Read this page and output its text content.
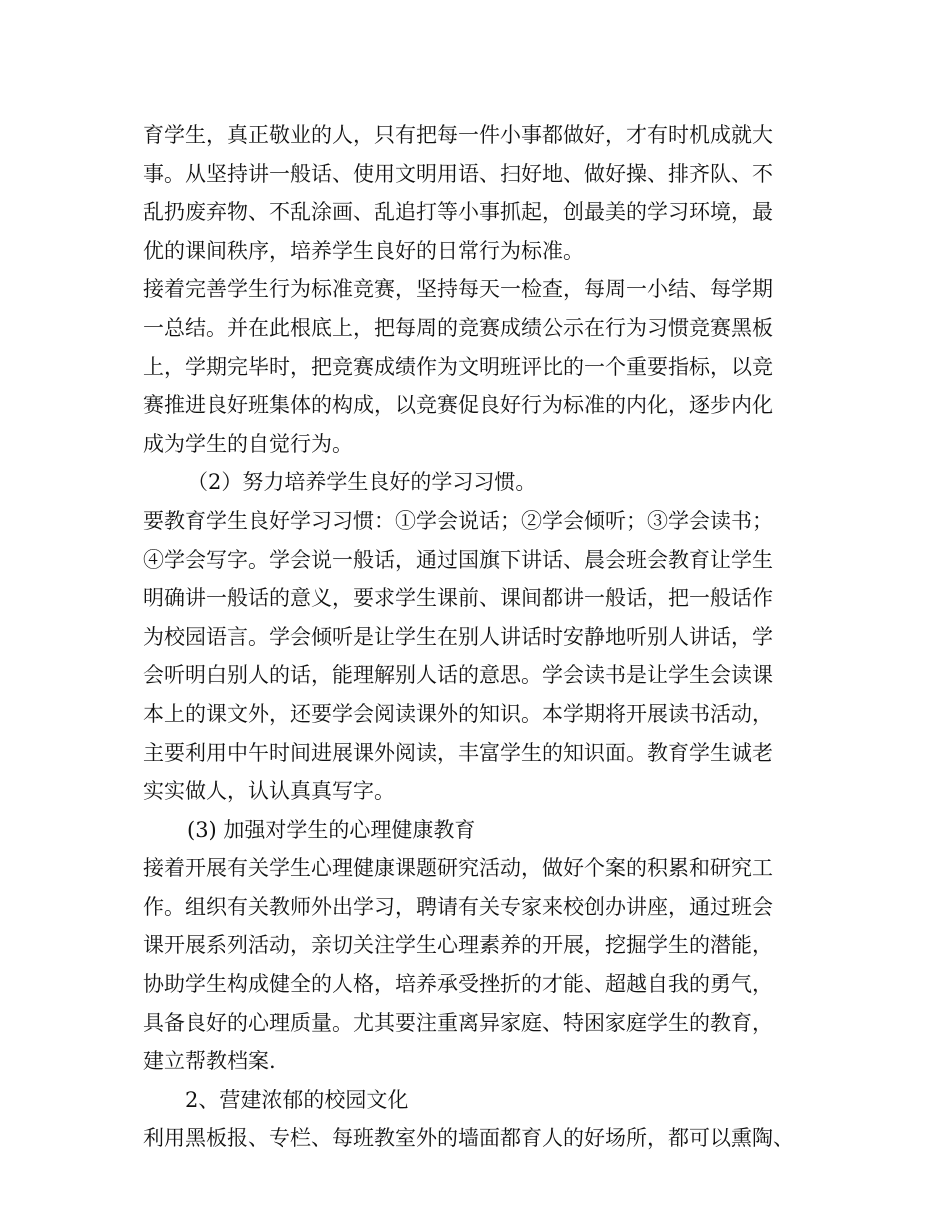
育学生，真正敬业的人，只有把每一件小事都做好，才有时机成就大
事。从坚持讲一般话、使用文明用语、扫好地、做好操、排齐队、不
乱扔废弃物、不乱涂画、乱追打等小事抓起，创最美的学习环境，最
优的课间秩序，培养学生良好的日常行为标准。
接着完善学生行为标准竞赛，坚持每天一检查，每周一小结、每学期
一总结。并在此根底上，把每周的竞赛成绩公示在行为习惯竞赛黑板
上，学期完毕时，把竞赛成绩作为文明班评比的一个重要指标，以竞
赛推进良好班集体的构成，以竞赛促良好行为标准的内化，逐步内化
成为学生的自觉行为。
（2）努力培养学生良好的学习习惯。
要教育学生良好学习习惯：①学会说话；②学会倾听；③学会读书；
④学会写字。学会说一般话，通过国旗下讲话、晨会班会教育让学生
明确讲一般话的意义，要求学生课前、课间都讲一般话，把一般话作
为校园语言。学会倾听是让学生在别人讲话时安静地听别人讲话，学
会听明白别人的话，能理解别人话的意思。学会读书是让学生会读课
本上的课文外，还要学会阅读课外的知识。本学期将开展读书活动，
主要利用中午时间进展课外阅读，丰富学生的知识面。教育学生诚老
实实做人，认认真真写字。
(3) 加强对学生的心理健康教育
接着开展有关学生心理健康课题研究活动，做好个案的积累和研究工
作。组织有关教师外出学习，聘请有关专家来校创办讲座，通过班会
课开展系列活动，亲切关注学生心理素养的开展，挖掘学生的潜能，
协助学生构成健全的人格，培养承受挫折的才能、超越自我的勇气，
具备良好的心理质量。尤其要注重离异家庭、特困家庭学生的教育，
建立帮教档案.
2、营建浓郁的校园文化
利用黑板报、专栏、每班教室外的墙面都育人的好场所，都可以熏陶、
